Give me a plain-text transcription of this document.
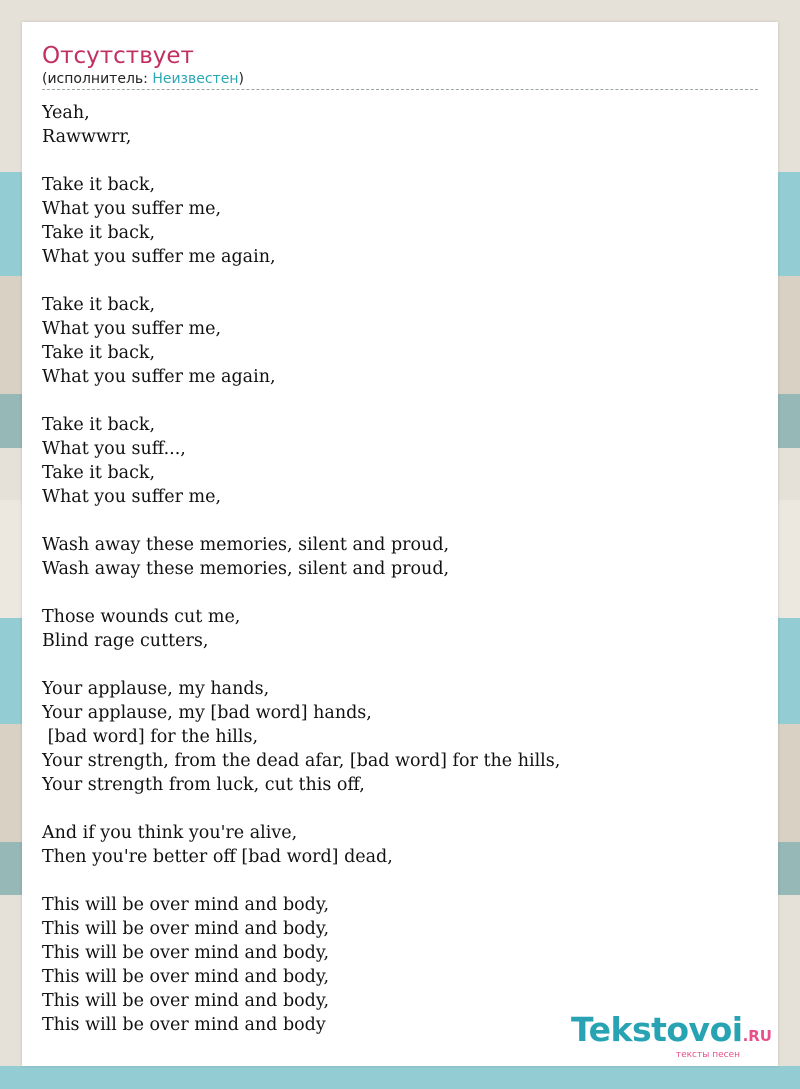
Отсутствует
(исполнитель: Неизвестен)
Yeah,
Rawwwrr,
Take it back,
What you suffer me,
Take it back,
What you suffer me again,
Take it back,
What you suffer me,
Take it back,
What you suffer me again,
Take it back,
What you suff...,
Take it back,
What you suffer me,
Wash away these memories, silent and proud,
Wash away these memories, silent and proud,
Those wounds cut me,
Blind rage cutters,
Your applause, my hands,
Your applause, my [bad word] hands,
[bad word] for the hills,
Your strength, from the dead afar, [bad word] for the hills,
Your strength from luck, cut this off,
And if you think you're alive,
Then you're better off [bad word] dead,
This will be over mind and body,
This will be over mind and body,
This will be over mind and body,
This will be over mind and body,
This will be over mind and body,
This will be over mind and body	Tekstovoi.RU
тексты песен
